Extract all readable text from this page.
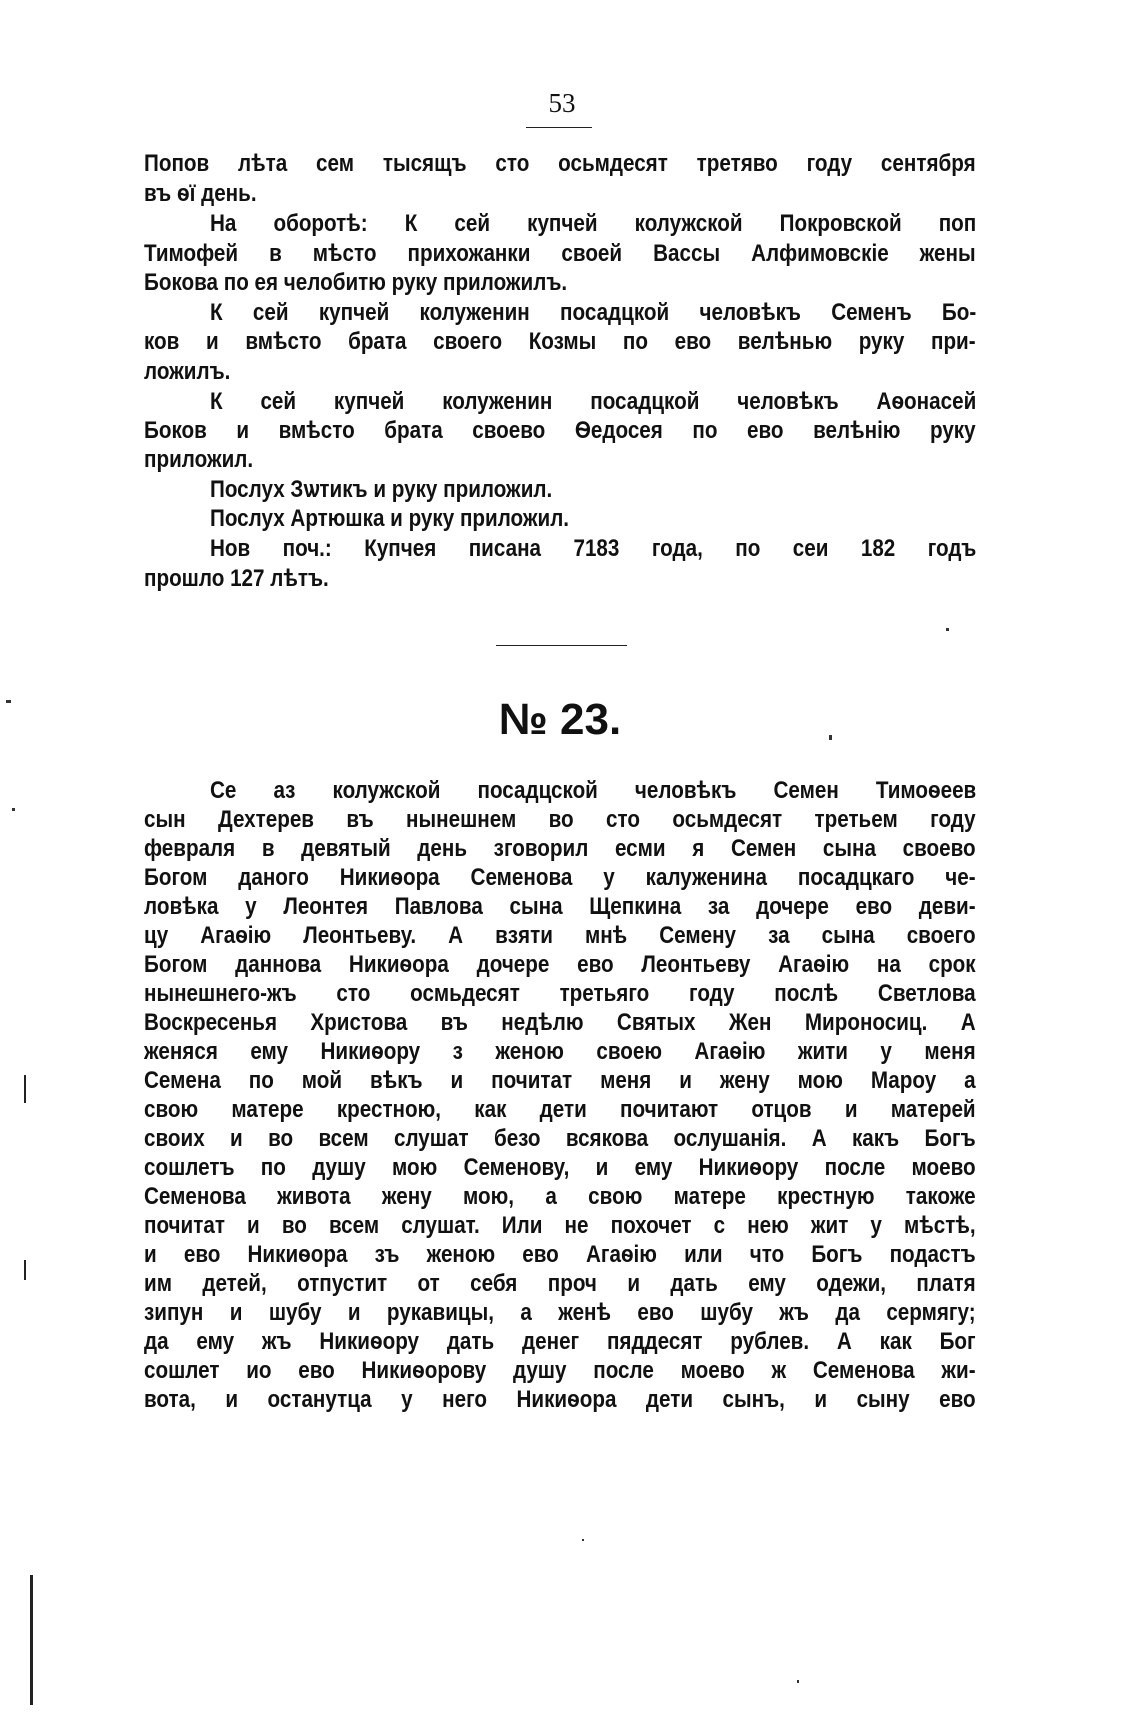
53
Попов лѣта сем тысящъ сто осьмдесят третяво году сентября
въ ѳї день.
На оборотѣ: К сей купчей колужской Покровской поп
Тимофей в мѣсто прихожанки своей Вассы Алфимовскіе жены
Бокова по ея челобитю руку приложилъ.
К сей купчей колуженин посадцкой человѣкъ Семенъ Бо-
ков и вмѣсто брата своего Козмы по ево велѣнью руку при-
ложилъ.
К сей купчей колуженин посадцкой человѣкъ Аѳонасей
Боков и вмѣсто брата своево Ѳедосея по ево велѣнію руку
приложил.
Послух Зѡтикъ и руку приложил.
Послух Артюшка и руку приложил.
Нов поч.: Купчея писана 7183 года, по сеи 182 годъ
прошло 127 лѣтъ.
№ 23.
Се аз колужской посадцской человѣкъ Семен Тимоѳеев
сын Дехтерев въ нынешнем во сто осьмдесят третьем году
февраля в девятый день зговорил есми я Семен сына своево
Богом даного Никиѳора Семенова у калуженина посадцкаго че-
ловѣка у Леонтея Павлова сына Щепкина за дочере ево деви-
цу Агаѳію Леонтьеву. А взяти мнѣ Семену за сына своего
Богом даннова Никиѳора дочере ево Леонтьеву Агаѳію на срок
нынешнего-жъ сто осмьдесят третьяго году послѣ Светлова
Воскресенья Христова въ недѣлю Святых Жен Мироносиц. А
женяся ему Никиѳору з женою своею Агаѳію жити у меня
Семена по мой вѣкъ и почитат меня и жену мою Мароу а
свою матере крестною, как дети почитают отцов и матерей
своих и во всем слушат безо всякова ослушанія. А какъ Богъ
сошлетъ по душу мою Семенову, и ему Никиѳору после моево
Семенова живота жену мою, а свою матере крестную такоже
почитат и во всем слушат. Или не похочет с нею жит у мѣстѣ,
и ево Никиѳора зъ женою ево Агаѳію или что Богъ подастъ
им детей, отпустит от себя проч и дать ему одежи, платя
зипун и шубу и рукавицы, а женѣ ево шубу жъ да сермягу;
да ему жъ Никиѳору дать денег пяддесят рублев. А как Бог
сошлет ио ево Никиѳорову душу после моево ж Семенова жи-
вота, и останутца у него Никиѳора дети сынъ, и сыну ево
